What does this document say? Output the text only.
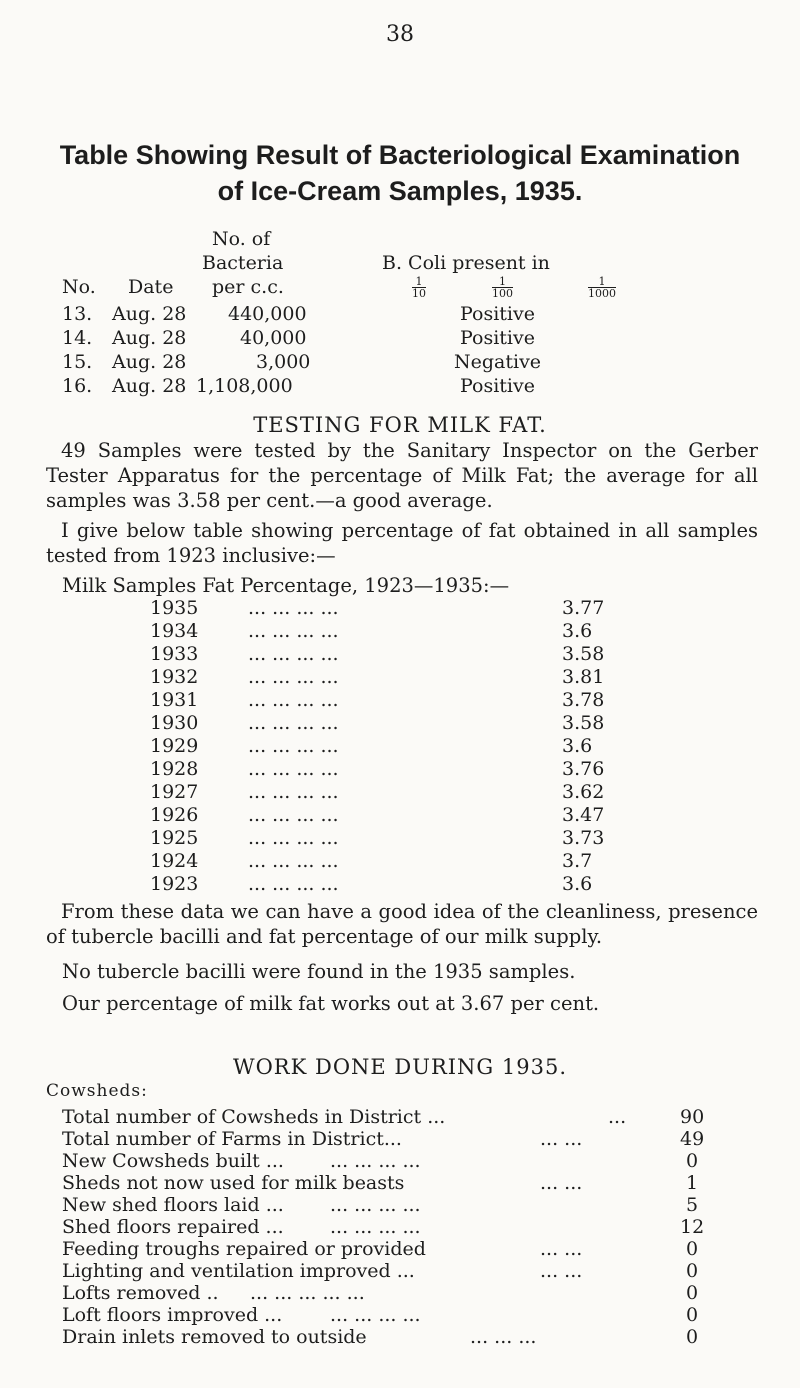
38
Table Showing Result of Bacteriological Examination
of Ice-Cream Samples, 1935.
No. of
Bacteria
per c.c.
No. Date
B. Coli present in
$\frac{1}{10}$	$\frac{1}{100}$	$\frac{1}{1000}$
13. Aug. 28 440,000	Positive
14. Aug. 28	40,000	Positive
15. Aug. 28	3,000	Negative
16. Aug. 28 1,108,000	Positive
TESTING FOR MILK FAT.
49 Samples were tested by the Sanitary Inspector on the Gerber Tester Apparatus for the percentage of Milk Fat; the average for all samples was 3.58 per cent.—a good average.
I give below table showing percentage of fat obtained in all samples tested from 1923 inclusive:—
Milk Samples Fat Percentage, 1923—1935:—
1935	... ... ... ...	3.77
1934	... ... ... ...	3.6
1933	... ... ... ...	3.58
1932	... ... ... ...	3.81
1931	... ... ... ...	3.78
1930	... ... ... ...	3.58
1929	... ... ... ...	3.6
1928	... ... ... ...	3.76
1927	... ... ... ...	3.62
1926	... ... ... ...	3.47
1925	... ... ... ...	3.73
1924	... ... ... ...	3.7
1923	... ... ... ...	3.6
From these data we can have a good idea of the cleanliness, presence of tubercle bacilli and fat percentage of our milk supply.
No tubercle bacilli were found in the 1935 samples.
Our percentage of milk fat works out at 3.67 per cent.
WORK DONE DURING 1935.
Cowsheds:
Total number of Cowsheds in District ...	...	90
Total number of Farms in District...	... ...	49
New Cowsheds built ... ... ... ... ...	0
Sheds not now used for milk beasts	... ...	1
New shed floors laid ... ... ... ... ...	5
Shed floors repaired ... ... ... ... ...	12
Feeding troughs repaired or provided	... ...	0
Lighting and ventilation improved ...	... ...	0
Lofts removed .. ... ... ... ... ...	0
Loft floors improved ...	... ... ... ...	0
Drain inlets removed to outside	... ... ...	0
